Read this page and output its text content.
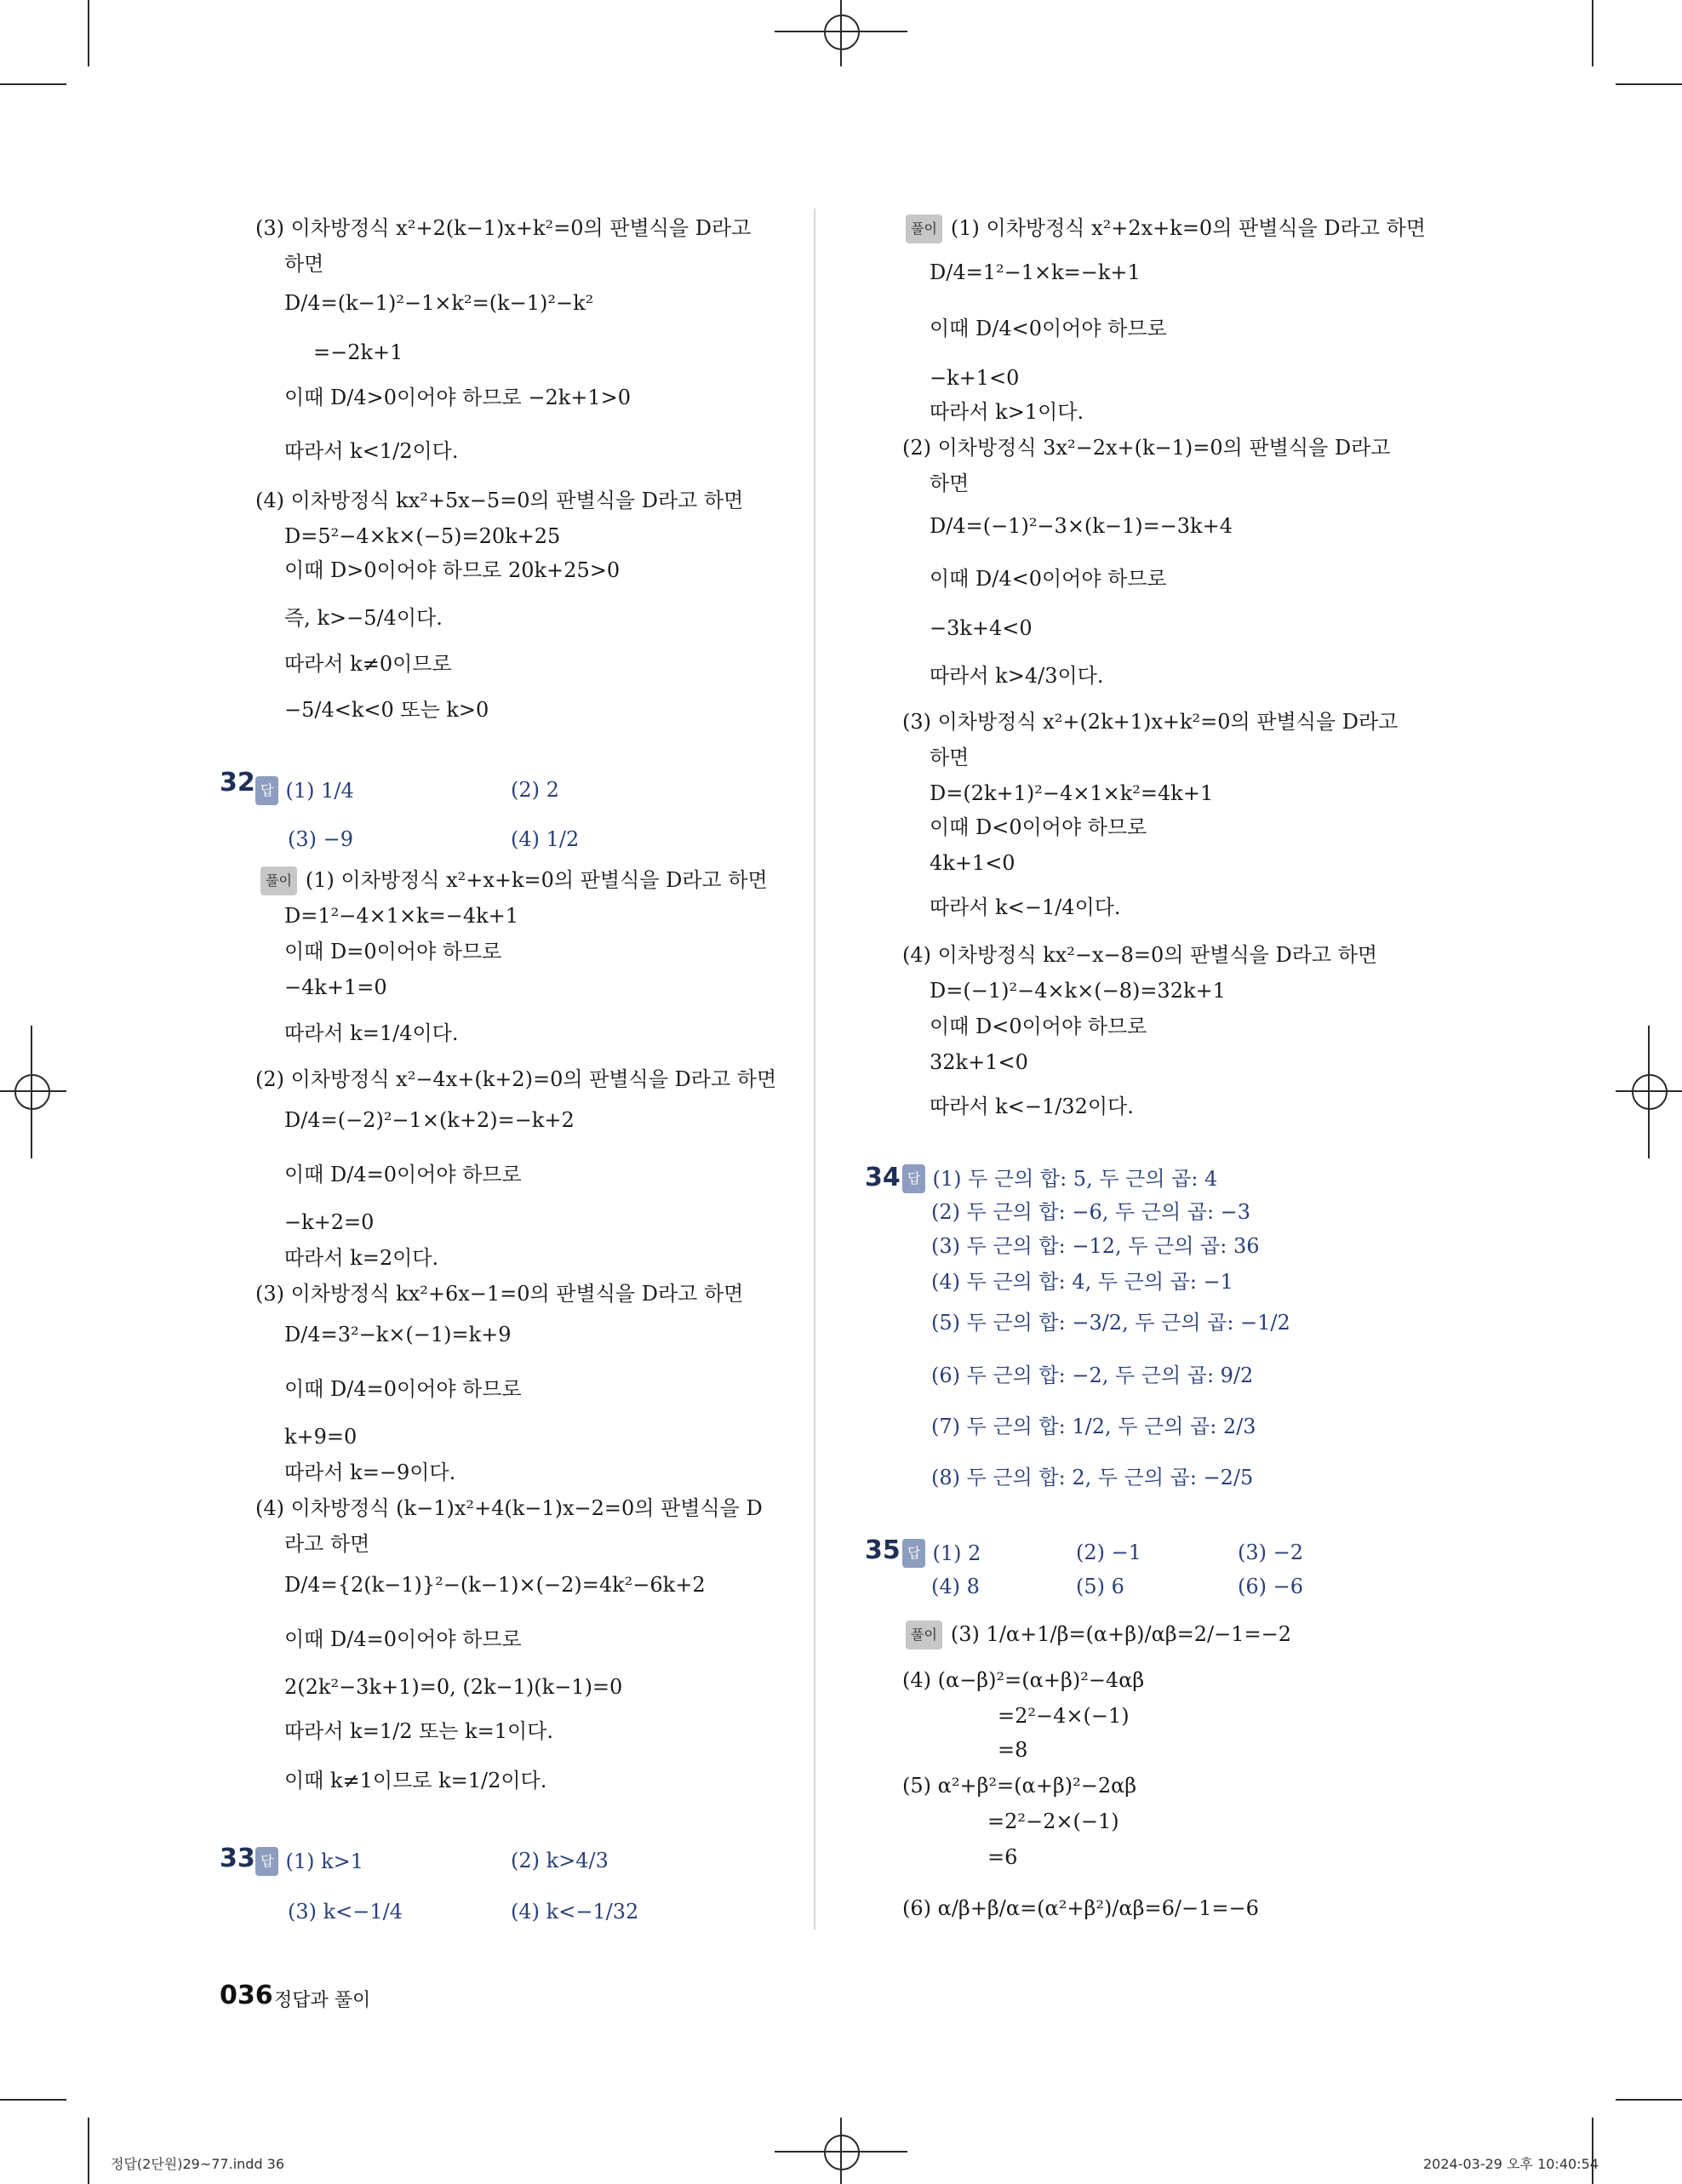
(3) 이차방정식 x²+2(k−1)x+k²=0의 판별식을 D라고
하면
D/4=(k−1)²−1×k²=(k−1)²−k²
=−2k+1
이때 D/4>0이어야 하므로 −2k+1>0
따라서 k<1/2이다.
(4) 이차방정식 kx²+5x−5=0의 판별식을 D라고 하면
D=5²−4×k×(−5)=20k+25
이때 D>0이어야 하므로 20k+25>0
즉, k>−5/4이다.
따라서 k≠0이므로
−5/4<k<0 또는 k>0
32 답 (1) 1/4	(2) 2
(3) −9	(4) 1/2
풀이 (1) 이차방정식 x²+x+k=0의 판별식을 D라고 하면
D=1²−4×1×k=−4k+1
이때 D=0이어야 하므로
−4k+1=0
따라서 k=1/4이다.
(2) 이차방정식 x²−4x+(k+2)=0의 판별식을 D라고 하면
D/4=(−2)²−1×(k+2)=−k+2
이때 D/4=0이어야 하므로
−k+2=0
따라서 k=2이다.
(3) 이차방정식 kx²+6x−1=0의 판별식을 D라고 하면
D/4=3²−k×(−1)=k+9
이때 D/4=0이어야 하므로
k+9=0
따라서 k=−9이다.
(4) 이차방정식 (k−1)x²+4(k−1)x−2=0의 판별식을 D
라고 하면
D/4={2(k−1)}²−(k−1)×(−2)=4k²−6k+2
이때 D/4=0이어야 하므로
2(2k²−3k+1)=0, (2k−1)(k−1)=0
따라서 k=1/2 또는 k=1이다.
이때 k≠1이므로 k=1/2이다.
33 답 (1) k>1	(2) k>4/3
(3) k<−1/4	(4) k<−1/32
풀이 (1) 이차방정식 x²+2x+k=0의 판별식을 D라고 하면
D/4=1²−1×k=−k+1
이때 D/4<0이어야 하므로
−k+1<0
따라서 k>1이다.
(2) 이차방정식 3x²−2x+(k−1)=0의 판별식을 D라고
하면
D/4=(−1)²−3×(k−1)=−3k+4
이때 D/4<0이어야 하므로
−3k+4<0
따라서 k>4/3이다.
(3) 이차방정식 x²+(2k+1)x+k²=0의 판별식을 D라고
하면
D=(2k+1)²−4×1×k²=4k+1
이때 D<0이어야 하므로
4k+1<0
따라서 k<−1/4이다.
(4) 이차방정식 kx²−x−8=0의 판별식을 D라고 하면
D=(−1)²−4×k×(−8)=32k+1
이때 D<0이어야 하므로
32k+1<0
따라서 k<−1/32이다.
34 답 (1) 두 근의 합: 5, 두 근의 곱: 4
(2) 두 근의 합: −6, 두 근의 곱: −3
(3) 두 근의 합: −12, 두 근의 곱: 36
(4) 두 근의 합: 4, 두 근의 곱: −1
(5) 두 근의 합: −3/2, 두 근의 곱: −1/2
(6) 두 근의 합: −2, 두 근의 곱: 9/2
(7) 두 근의 합: 1/2, 두 근의 곱: 2/3
(8) 두 근의 합: 2, 두 근의 곱: −2/5
35 답 (1) 2	(2) −1	(3) −2
(4) 8	(5) 6	(6) −6
풀이 (3) 1/α+1/β=(α+β)/αβ=2/−1=−2
(4) (α−β)²=(α+β)²−4αβ
=2²−4×(−1)
=8
(5) α²+β²=(α+β)²−2αβ
=2²−2×(−1)
=6
(6) α/β+β/α=(α²+β²)/αβ=6/−1=−6
036 정답과 풀이
정답(2단원)29~77.indd 36	2024-03-29 오후 10:40:54
